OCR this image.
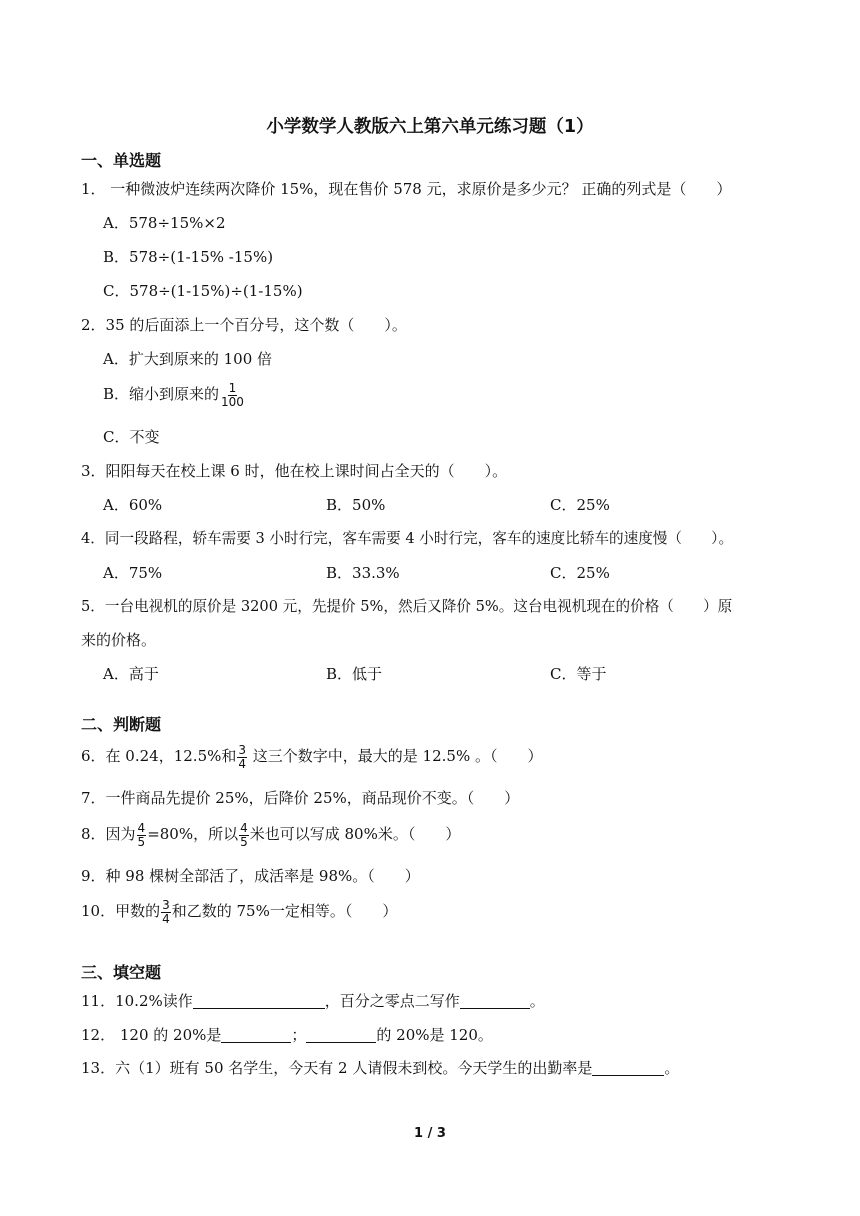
小学数学人教版六上第六单元练习题（1）
一、单选题
1． 一种微波炉连续两次降价 15%，现在售价 578 元，求原价是多少元？ 正确的列式是（　　）
A．578÷15%×2
B．578÷(1-15% -15%)
C．578÷(1-15%)÷(1-15%)
2．35 的后面添上一个百分号，这个数（　　）。
A．扩大到原来的 100 倍
B．缩小到原来的 $\frac{1}{100}$
C．不变
3．阳阳每天在校上课 6 时，他在校上课时间占全天的（　　）。
A．60%	B．50%	C．25%
4．同一段路程，轿车需要 3 小时行完，客车需要 4 小时行完，客车的速度比轿车的速度慢（　　）。
A．75%	B．33.3%	C．25%
5．一台电视机的原价是 3200 元，先提价 5%，然后又降价 5%。这台电视机现在的价格（　　）原
来的价格。
A．高于	B．低于	C．等于
二、判断题
6．在 0.24，12.5%和 $\frac{3}{4}$ 这三个数字中，最大的是 12.5% 。（　　）
7．一件商品先提价 25%，后降价 25%，商品现价不变。（　　）
8．因为 $\frac{4}{5} =80\%$，所以 $\frac{4}{5}$ 米也可以写成 80%米。（　　）
9．种 98 棵树全部活了，成活率是 98%。（　　）
10．甲数的 $\frac{3}{4}$ 和乙数的 75%一定相等。（　　）
三、填空题
11．10.2%读作	，百分之零点二写作	。
12． 120 的 20%是	；	的 20%是 120。
13．六（1）班有 50 名学生，今天有 2 人请假未到校。今天学生的出勤率是	。
1 / 3
